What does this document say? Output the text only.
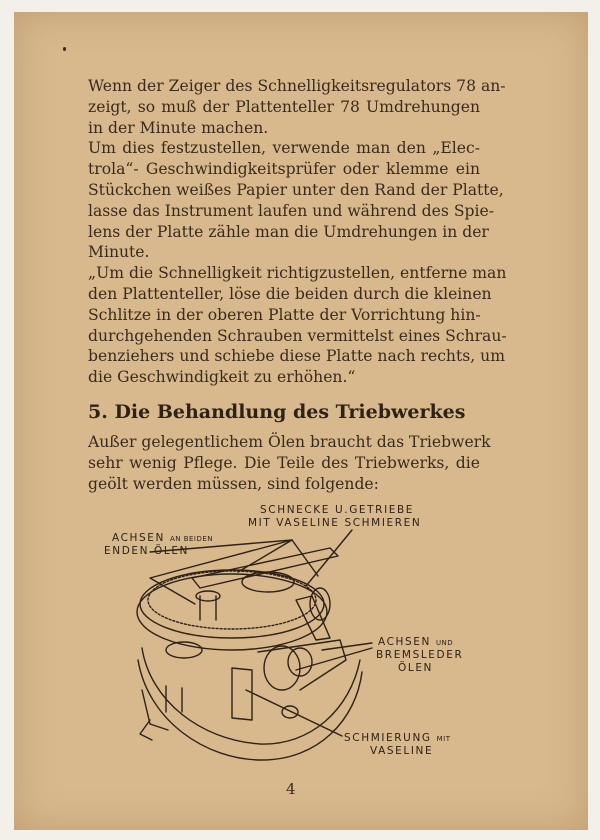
Wenn der Zeiger des Schnelligkeitsregulators 78 an-
zeigt, so muß der Plattenteller 78 Umdrehungen
in der Minute machen.
Um dies festzustellen, verwende man den „Elec-
trola“- Geschwindigkeitsprüfer oder klemme ein
Stückchen weißes Papier unter den Rand der Platte,
lasse das Instrument laufen und während des Spie-
lens der Platte zähle man die Umdrehungen in der
Minute.
„Um die Schnelligkeit richtigzustellen, entferne man
den Plattenteller, löse die beiden durch die kleinen
Schlitze in der oberen Platte der Vorrichtung hin-
durchgehenden Schrauben vermittelst eines Schrau-
benziehers und schiebe diese Platte nach rechts, um
die Geschwindigkeit zu erhöhen.“
5. Die Behandlung des Triebwerkes
Außer gelegentlichem Ölen braucht das Triebwerk
sehr wenig Pflege. Die Teile des Triebwerks, die
geölt werden müssen, sind folgende:
SCHNECKE U.GETRIEBE
MIT VASELINE SCHMIEREN
ACHSEN AN BEIDEN
ENDEN ÖLEN
ACHSEN UND
BREMSLEDER
ÖLEN
SCHMIERUNG MIT
VASELINE
4
